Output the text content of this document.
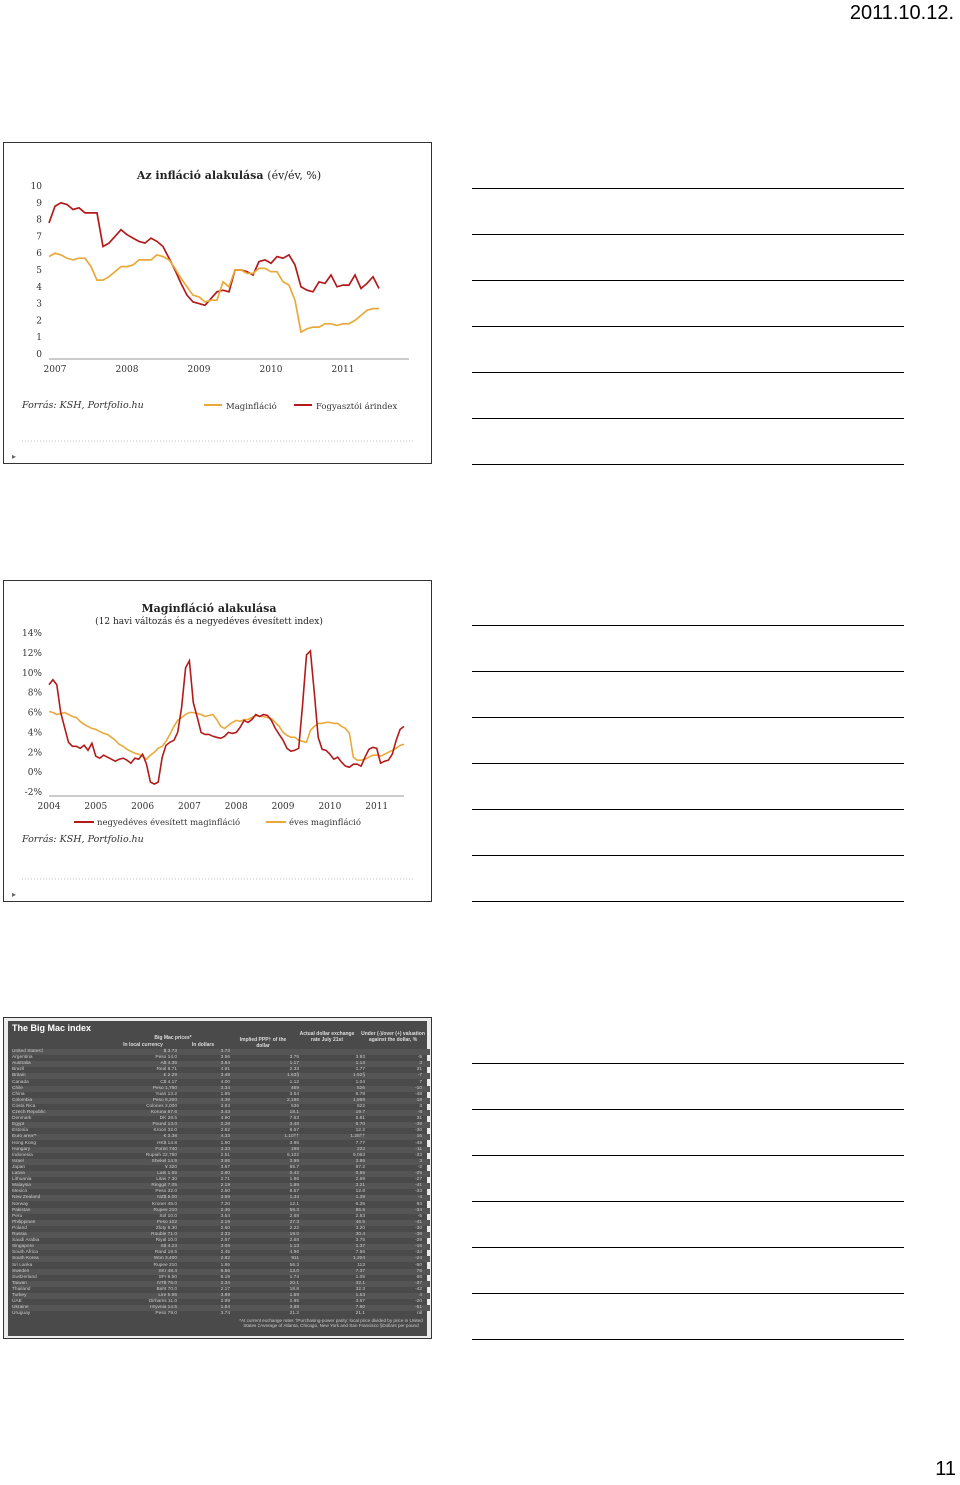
2011.10.12.
Az infláció alakulása (év/év, %)
0
1
2
3
4
5
6
7
8
9
10
2007	2008	2009	2010	2011
Forrás: KSH, Portfolio.hu	Maginfláció	Fogyasztói árindex
▸
Maginfláció alakulása
(12 havi változás és a negyedéves évesített index)
-2%
0%
2%
4%
6%
8%
10%
12%
14%
2004	2005	2006	2007	2008	2009	2010	2011
negyedéves évesített maginfláció	éves maginfláció
Forrás: KSH, Portfolio.hu
▸
The Big Mac index
Big Mac prices*
In local currency	In dollars
Implied PPP† of the dollar
Actual dollar exchange rate July 21st
Under (-)/over (+) valuation against the dollar, %
United States‡	$ 3.73	3.73
Argentina	Peso 14.0	3.56	3.75	3.93	-5
Australia	A$ 4.35	3.84	1.17	1.13	3
Brazil	Real 8.71	4.91	2.33	1.77	31
Britain	£ 2.29	3.48	1.63§	1.52§	-7
Canada	C$ 4.17	4.00	1.12	1.04	7
Chile	Peso 1,760	3.34	469	526	-10
China	Yuan 13.2	1.95	3.54	6.78	-48
Colombia	Peso 8,200	4.39	2,196	1,868	18
Costa Rica	Colones 2,000	3.83	536	522	3
Czech Republic	Koruna 67.6	3.43	18.1	19.7	-8
Denmark	DK 28.5	4.90	7.63	5.81	31
Egypt	Pound 13.0	2.28	3.48	5.70	-39
Estonia	Kroon 32.0	2.62	8.57	12.2	-30
Euro area**	€ 3.38	4.33	1.10††	1.28††	16
Hong Kong	HK$ 14.8	1.90	3.96	7.77	-49
Hungary	Forint 740	3.33	198	222	-11
Indonesia	Rupiah 22,780	2.51	6,102	9,063	-33
Israel	Shekel 14.9	3.86	3.99	3.86	3
Japan	¥ 320	3.67	85.7	87.2	-2
Latvia	Lats 1.55	2.80	0.42	0.55	-25
Lithuania	Litas 7.30	2.71	1.96	2.69	-27
Malaysia	Ringgit 7.05	2.19	1.89	3.21	-41
Mexico	Peso 32.0	2.50	8.57	12.8	-33
New Zealand	NZ$ 5.00	3.59	1.34	1.39	-4
Norway	Kroner 45.0	7.20	12.1	6.25	93
Pakistan	Rupee 210	2.46	56.3	85.5	-34
Peru	Sol 10.0	3.54	2.68	2.83	-5
Philippines	Peso 102	2.19	27.3	46.5	-41
Poland	Zloty 8.30	2.60	2.22	3.20	-30
Russia	Rouble 71.0	2.33	19.0	30.4	-38
Saudi Arabia	Riyal 10.0	2.67	2.68	3.75	-29
Singapore	S$ 4.23	3.08	1.13	1.37	-18
South Africa	Rand 18.5	2.45	4.96	7.56	-34
South Korea	Won 3,400	2.82	911	1,204	-24
Sri Lanka	Rupee 210	1.86	56.3	113	-50
Sweden	SKr 48.4	6.56	13.0	7.37	76
Switzerland	SFr 6.50	6.19	1.74	1.05	66
Taiwan	NT$ 75.0	2.34	20.1	32.1	-37
Thailand	Baht 70.0	2.17	18.8	32.3	-42
Turkey	Lire 5.95	3.89	1.59	1.53	4
UAE	Dirhams 11.0	2.99	2.95	3.67	-20
Ukraine	Hryvnia 14.5	1.84	3.88	7.90	-51
Uruguay	Peso 79.0	3.74	21.2	21.1	nil
*At current exchange rates †Purchasing-power parity: local price divided by price in United States ‡Average of Atlanta, Chicago, New York and San Francisco §Dollars per pound
11
